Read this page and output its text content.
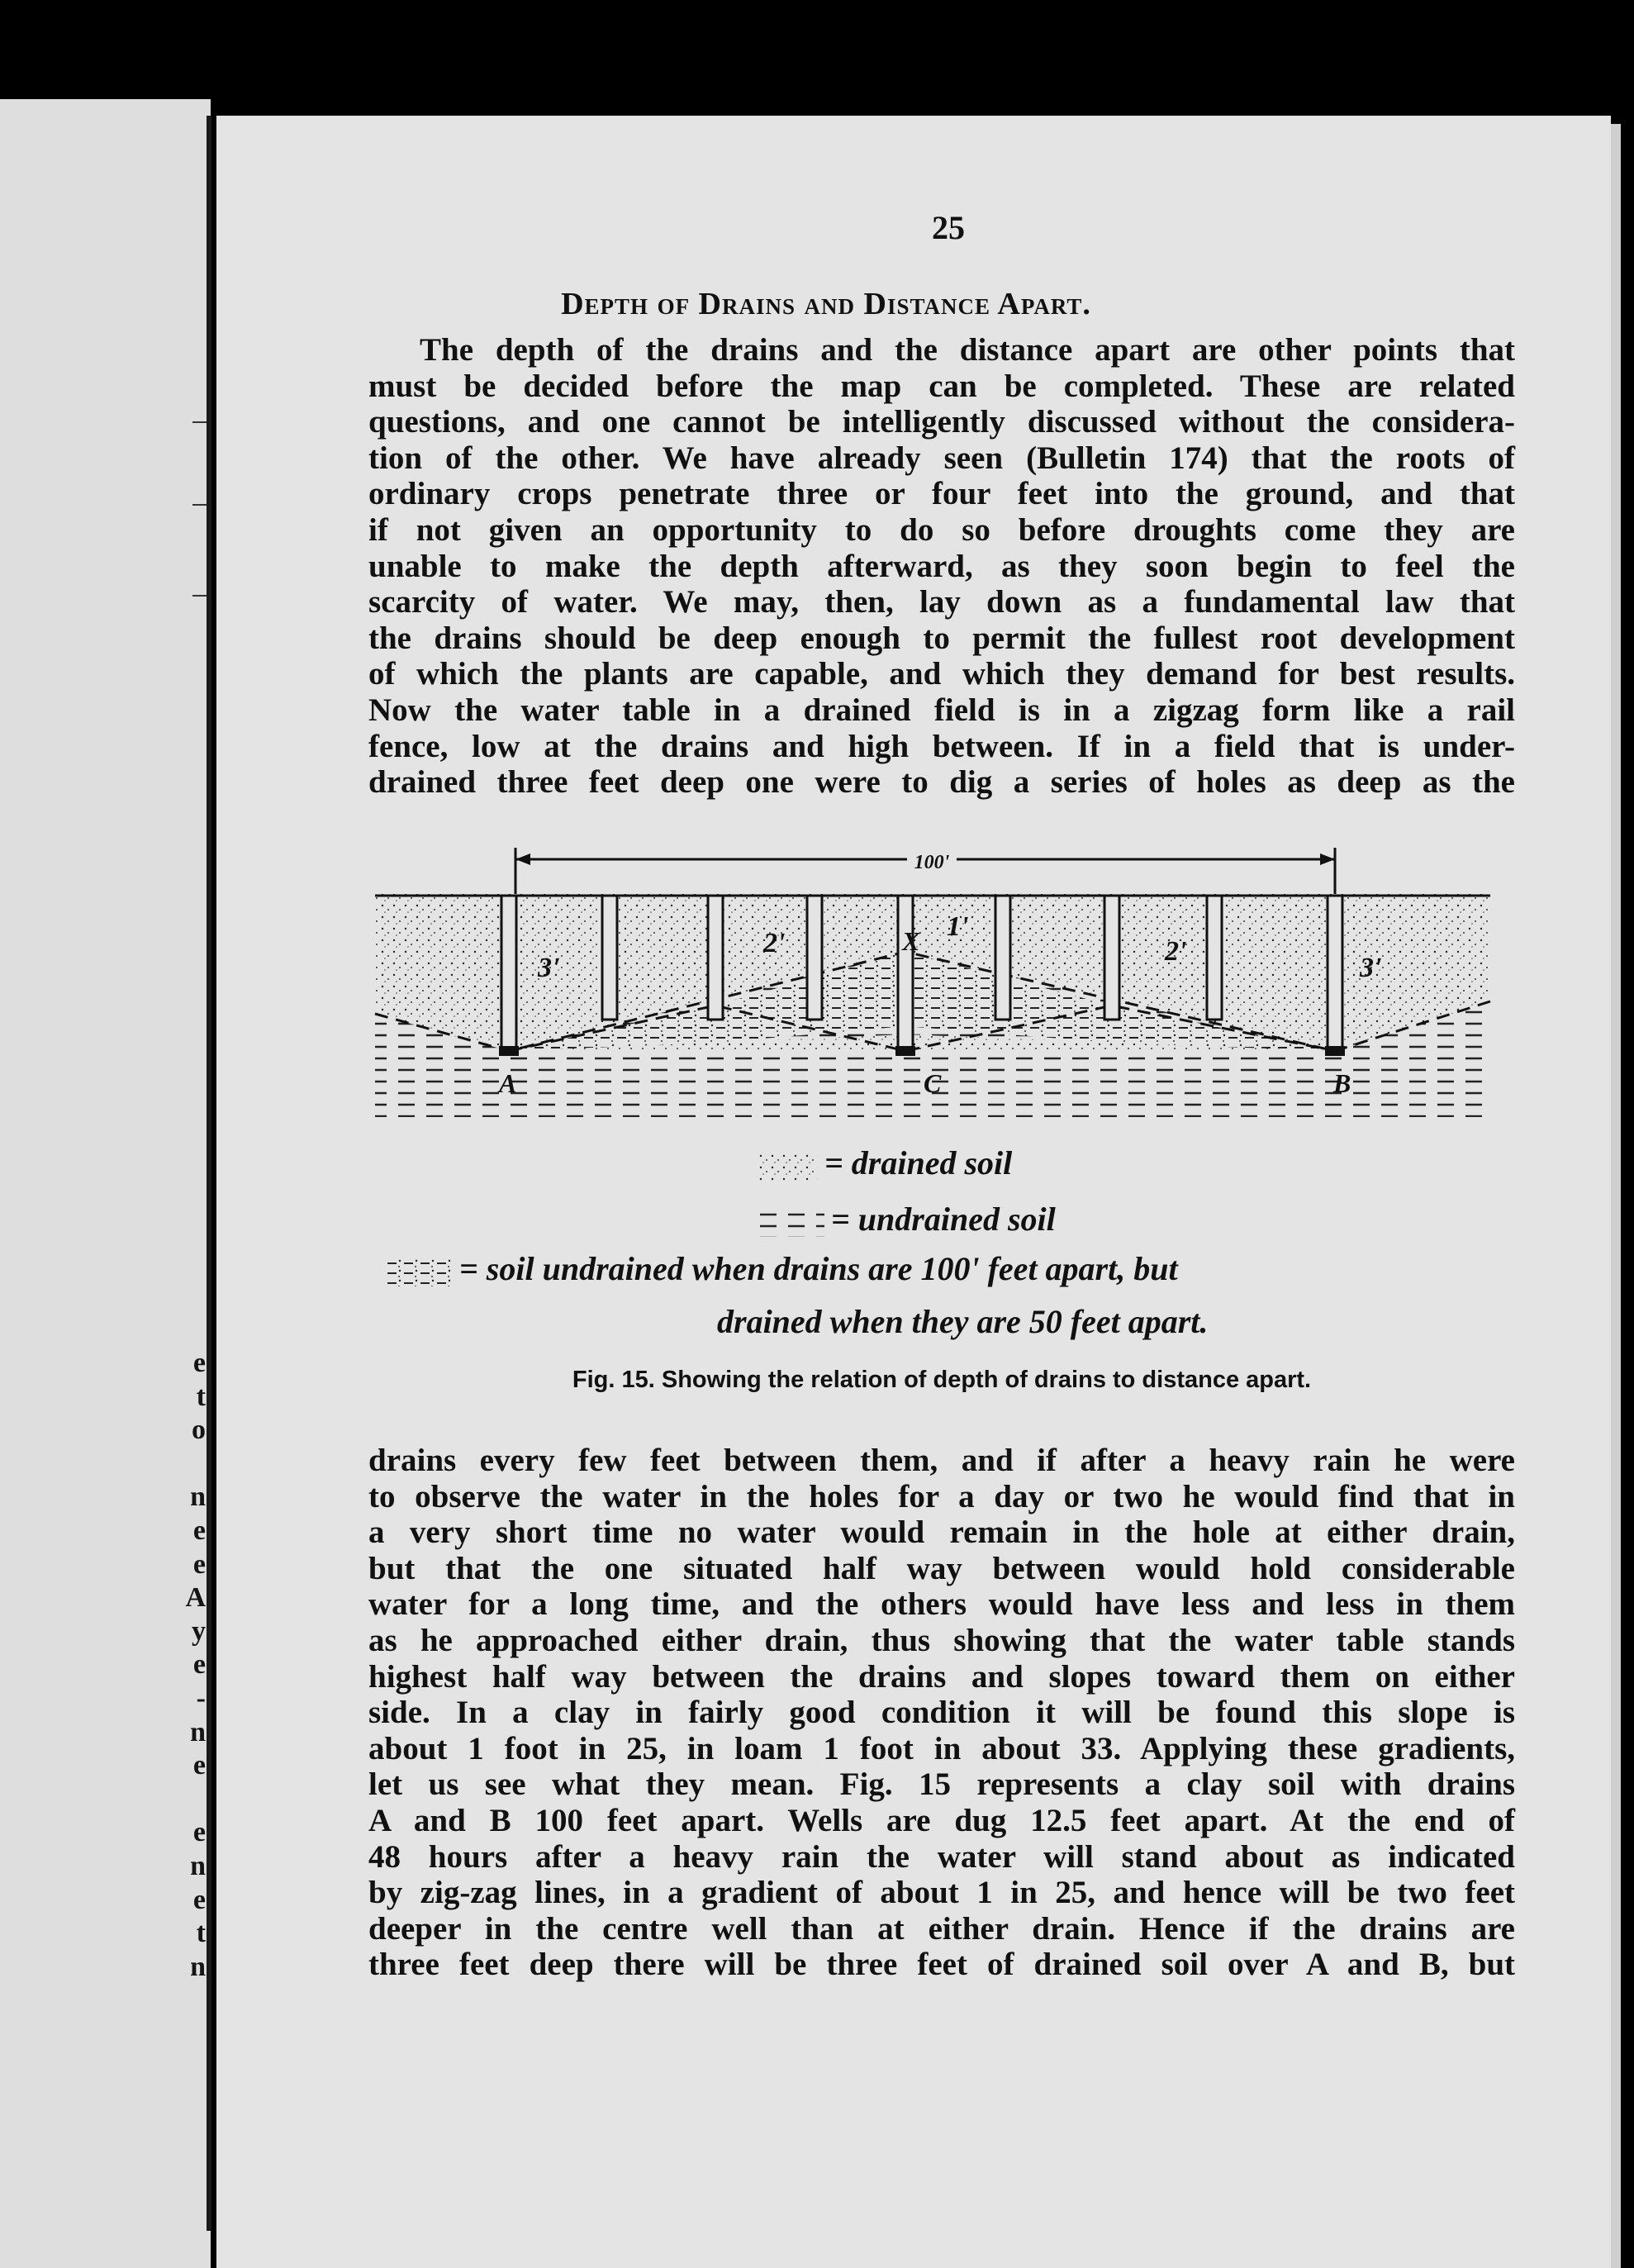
e
t
o

n
e
e
A
y
e
-
n
e

e
n
e
t
n
25
Depth of Drains and Distance Apart.
The depth of the drains and the distance apart are other points that
must be decided before the map can be completed. These are related
questions, and one cannot be intelligently discussed without the considera-
tion of the other. We have already seen (Bulletin 174) that the roots of
ordinary crops penetrate three or four feet into the ground, and that
if not given an opportunity to do so before droughts come they are
unable to make the depth afterward, as they soon begin to feel the
scarcity of water. We may, then, lay down as a fundamental law that
the drains should be deep enough to permit the fullest root development
of which the plants are capable, and which they demand for best results.
Now the water table in a drained field is in a zigzag form like a rail
fence, low at the drains and high between. If in a field that is under-
drained three feet deep one were to dig a series of holes as deep as the
100'
3'
2'
1'
2'
3'
A
X
C	B
= drained soil
= undrained soil
= soil undrained when drains are 100' feet apart, but
drained when they are 50 feet apart.
Fig. 15. Showing the relation of depth of drains to distance apart.
drains every few feet between them, and if after a heavy rain he were
to observe the water in the holes for a day or two he would find that in
a very short time no water would remain in the hole at either drain,
but that the one situated half way between would hold considerable
water for a long time, and the others would have less and less in them
as he approached either drain, thus showing that the water table stands
highest half way between the drains and slopes toward them on either
side. In a clay in fairly good condition it will be found this slope is
about 1 foot in 25, in loam 1 foot in about 33. Applying these gradients,
let us see what they mean. Fig. 15 represents a clay soil with drains
A and B 100 feet apart. Wells are dug 12.5 feet apart. At the end of
48 hours after a heavy rain the water will stand about as indicated
by zig-zag lines, in a gradient of about 1 in 25, and hence will be two feet
deeper in the centre well than at either drain. Hence if the drains are
three feet deep there will be three feet of drained soil over A and B, but
